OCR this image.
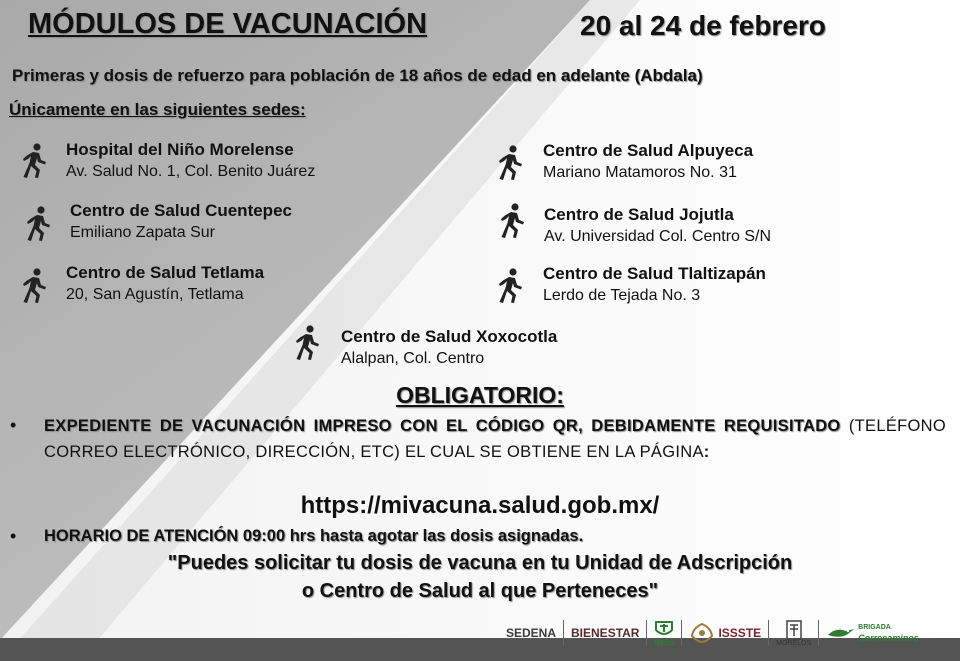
MÓDULOS DE VACUNACIÓN	20 al 24 de febrero
Primeras y dosis de refuerzo para población de 18 años de edad en adelante (Abdala)
Únicamente en las siguientes sedes:
Hospital del Niño Morelense
Av. Salud No. 1, Col. Benito Juárez
Centro de Salud Cuentepec
Emiliano Zapata Sur
Centro de Salud Tetlama
20, San Agustín, Tetlama
Centro de Salud Alpuyeca
Mariano Matamoros No. 31
Centro de Salud Jojutla
Av. Universidad Col. Centro S/N
Centro de Salud Tlaltizapán
Lerdo de Tejada No. 3
Centro de Salud Xoxocotla
Alalpan, Col. Centro
OBLIGATORIO:
• EXPEDIENTE DE VACUNACIÓN IMPRESO CON EL CÓDIGO QR, DEBIDAMENTE REQUISITADO (TELÉFONO CORREO ELECTRÓNICO, DIRECCIÓN, ETC) EL CUAL SE OBTIENE EN LA PÁGINA:
https://mivacuna.salud.gob.mx/
• HORARIO DE ATENCIÓN 09:00 hrs hasta agotar las dosis asignadas.
"Puedes solicitar tu dosis de vacuna en tu Unidad de Adscripción
o Centro de Salud al que Perteneces"
SEDENA BIENESTAR
IMSS
ISSSTE
MORELOS
BRIGADA
Correcaminos
